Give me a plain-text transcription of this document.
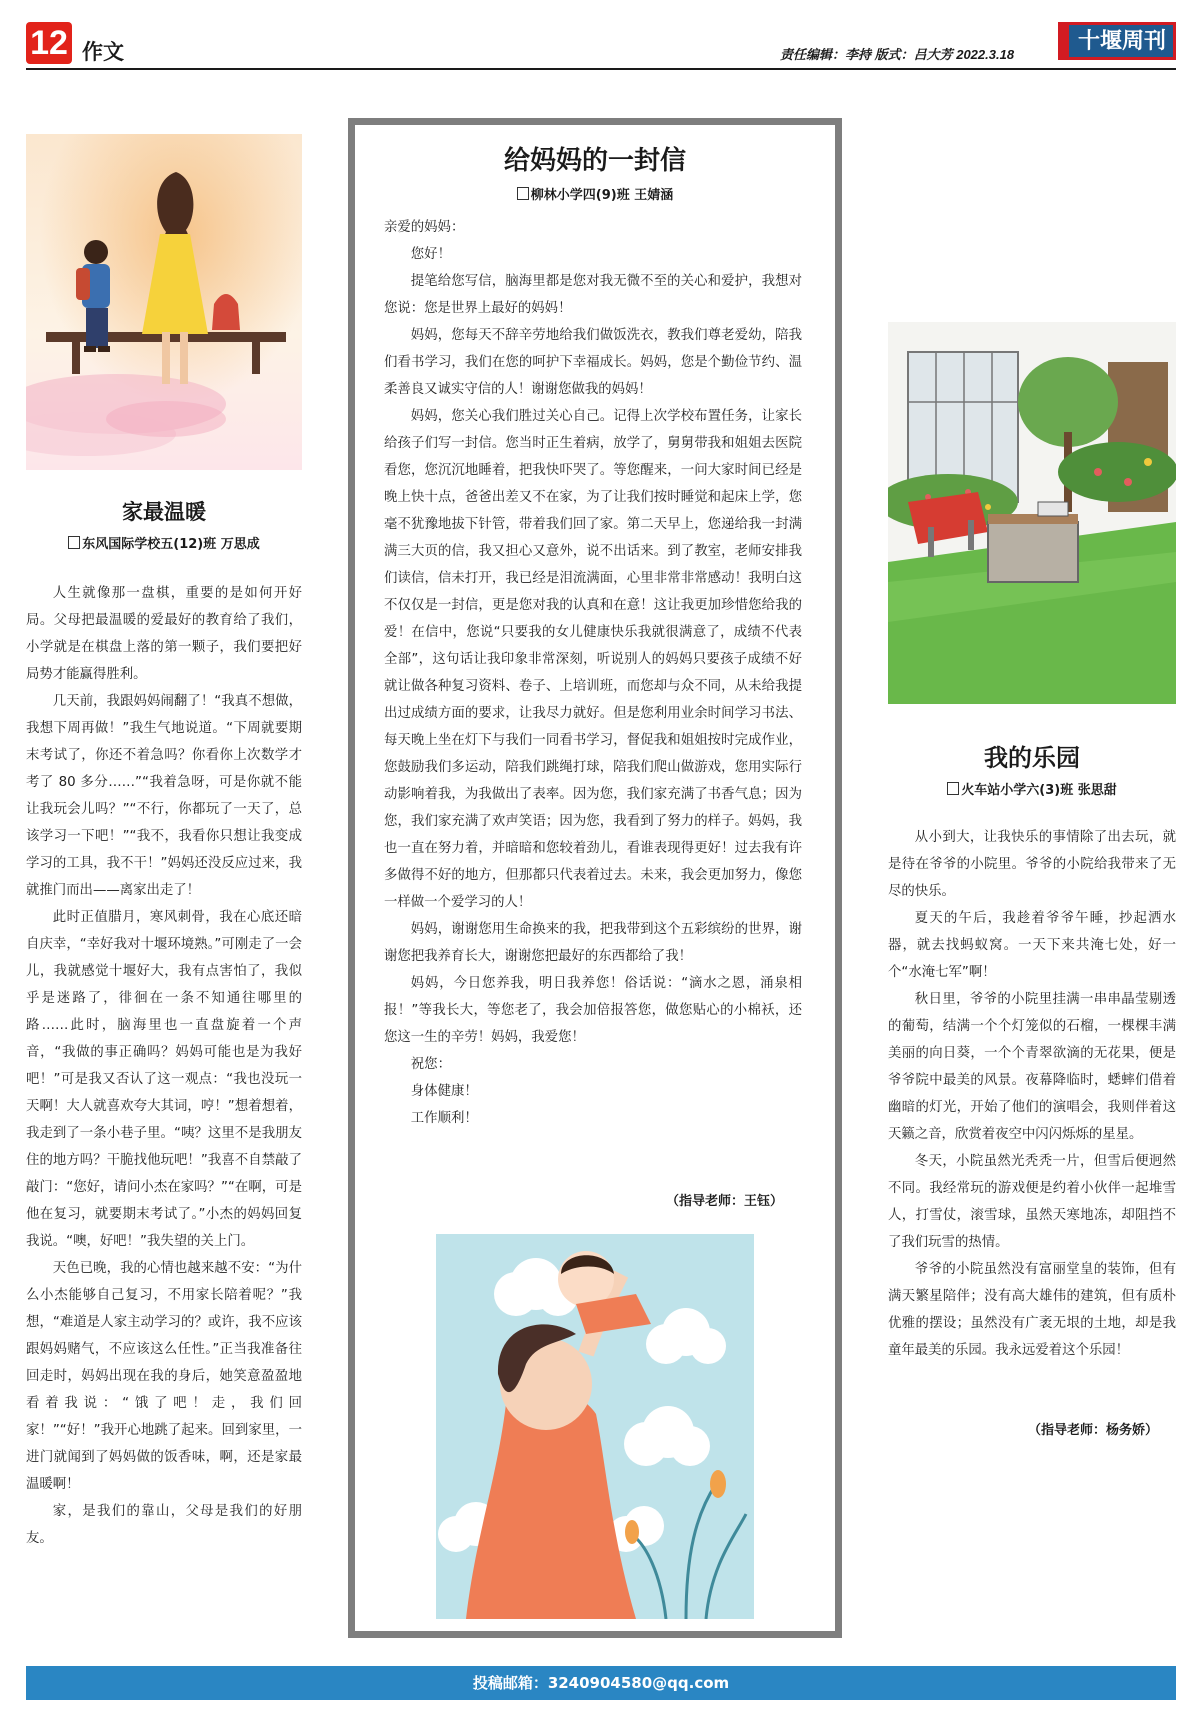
12 作文	责任编辑：李持 版式：吕大芳 2022.3.18
十堰周刊
家最温暖
东风国际学校五(12)班 万思成

人生就像那一盘棋，重要的是如何开好局。父母把最温暖的爱最好的教育给了我们，小学就是在棋盘上落的第一颗子，我们要把好局势才能赢得胜利。

几天前，我跟妈妈闹翻了！“我真不想做，我想下周再做！”我生气地说道。“下周就要期末考试了，你还不着急吗？你看你上次数学才考了 80 多分……”“我着急呀，可是你就不能让我玩会儿吗？”“不行，你都玩了一天了，总该学习一下吧！”“我不，我看你只想让我变成学习的工具，我不干！”妈妈还没反应过来，我就推门而出——离家出走了！

此时正值腊月，寒风刺骨，我在心底还暗自庆幸，“幸好我对十堰环境熟。”可刚走了一会儿，我就感觉十堰好大，我有点害怕了，我似乎是迷路了，徘徊在一条不知通往哪里的路……此时，脑海里也一直盘旋着一个声音，“我做的事正确吗？妈妈可能也是为我好吧！”可是我又否认了这一观点：“我也没玩一天啊！大人就喜欢夸大其词，哼！”想着想着，我走到了一条小巷子里。“咦？这里不是我朋友住的地方吗？干脆找他玩吧！”我喜不自禁敲了敲门：“您好，请问小杰在家吗？”“在啊，可是他在复习，就要期末考试了。”小杰的妈妈回复我说。“噢，好吧！”我失望的关上门。

天色已晚，我的心情也越来越不安：“为什么小杰能够自己复习，不用家长陪着呢？”我想，“难道是人家主动学习的？或许，我不应该跟妈妈赌气，不应该这么任性。”正当我准备往回走时，妈妈出现在我的身后，她笑意盈盈地看着我说：“饿了吧！走，我们回家！”“好！”我开心地跳了起来。回到家里，一进门就闻到了妈妈做的饭香味，啊，还是家最温暖啊！

家，是我们的靠山，父母是我们的好朋友。

给妈妈的一封信
柳林小学四(9)班 王婧涵

亲爱的妈妈：

您好！

提笔给您写信，脑海里都是您对我无微不至的关心和爱护，我想对您说：您是世界上最好的妈妈！

妈妈，您每天不辞辛劳地给我们做饭洗衣，教我们尊老爱幼，陪我们看书学习，我们在您的呵护下幸福成长。妈妈，您是个勤俭节约、温柔善良又诚实守信的人！谢谢您做我的妈妈！

妈妈，您关心我们胜过关心自己。记得上次学校布置任务，让家长给孩子们写一封信。您当时正生着病，放学了，舅舅带我和姐姐去医院看您，您沉沉地睡着，把我快吓哭了。等您醒来，一问大家时间已经是晚上快十点，爸爸出差又不在家，为了让我们按时睡觉和起床上学，您毫不犹豫地拔下针管，带着我们回了家。第二天早上，您递给我一封满满三大页的信，我又担心又意外，说不出话来。到了教室，老师安排我们读信，信未打开，我已经是泪流满面，心里非常非常感动！我明白这不仅仅是一封信，更是您对我的认真和在意！这让我更加珍惜您给我的爱！在信中，您说“只要我的女儿健康快乐我就很满意了，成绩不代表全部”，这句话让我印象非常深刻，听说别人的妈妈只要孩子成绩不好就让做各种复习资料、卷子、上培训班，而您却与众不同，从未给我提出过成绩方面的要求，让我尽力就好。但是您利用业余时间学习书法、每天晚上坐在灯下与我们一同看书学习，督促我和姐姐按时完成作业，您鼓励我们多运动，陪我们跳绳打球，陪我们爬山做游戏，您用实际行动影响着我，为我做出了表率。因为您，我们家充满了书香气息；因为您，我们家充满了欢声笑语；因为您，我看到了努力的样子。妈妈，我也一直在努力着，并暗暗和您较着劲儿，看谁表现得更好！过去我有许多做得不好的地方，但那都只代表着过去。未来，我会更加努力，像您一样做一个爱学习的人！

妈妈，谢谢您用生命换来的我，把我带到这个五彩缤纷的世界，谢谢您把我养育长大，谢谢您把最好的东西都给了我！

妈妈，今日您养我，明日我养您！俗话说：“滴水之恩，涌泉相报！”等我长大，等您老了，我会加倍报答您，做您贴心的小棉袄，还您这一生的辛劳！妈妈，我爱您！

祝您：

身体健康！

工作顺利！

（指导老师：王钰）
我的乐园
火车站小学六(3)班 张思甜

从小到大，让我快乐的事情除了出去玩，就是待在爷爷的小院里。爷爷的小院给我带来了无尽的快乐。

夏天的午后，我趁着爷爷午睡，抄起洒水器，就去找蚂蚁窝。一天下来共淹七处，好一个“水淹七军”啊！

秋日里，爷爷的小院里挂满一串串晶莹剔透的葡萄，结满一个个灯笼似的石榴，一棵棵丰满美丽的向日葵，一个个青翠欲滴的无花果，便是爷爷院中最美的风景。夜幕降临时，蟋蟀们借着幽暗的灯光，开始了他们的演唱会，我则伴着这天籁之音，欣赏着夜空中闪闪烁烁的星星。

冬天，小院虽然光秃秃一片，但雪后便迥然不同。我经常玩的游戏便是约着小伙伴一起堆雪人，打雪仗，滚雪球，虽然天寒地冻，却阻挡不了我们玩雪的热情。

爷爷的小院虽然没有富丽堂皇的装饰，但有满天繁星陪伴；没有高大雄伟的建筑，但有质朴优雅的摆设；虽然没有广袤无垠的土地，却是我童年最美的乐园。我永远爱着这个乐园！

（指导老师：杨务娇）
投稿邮箱：3240904580@qq.com
